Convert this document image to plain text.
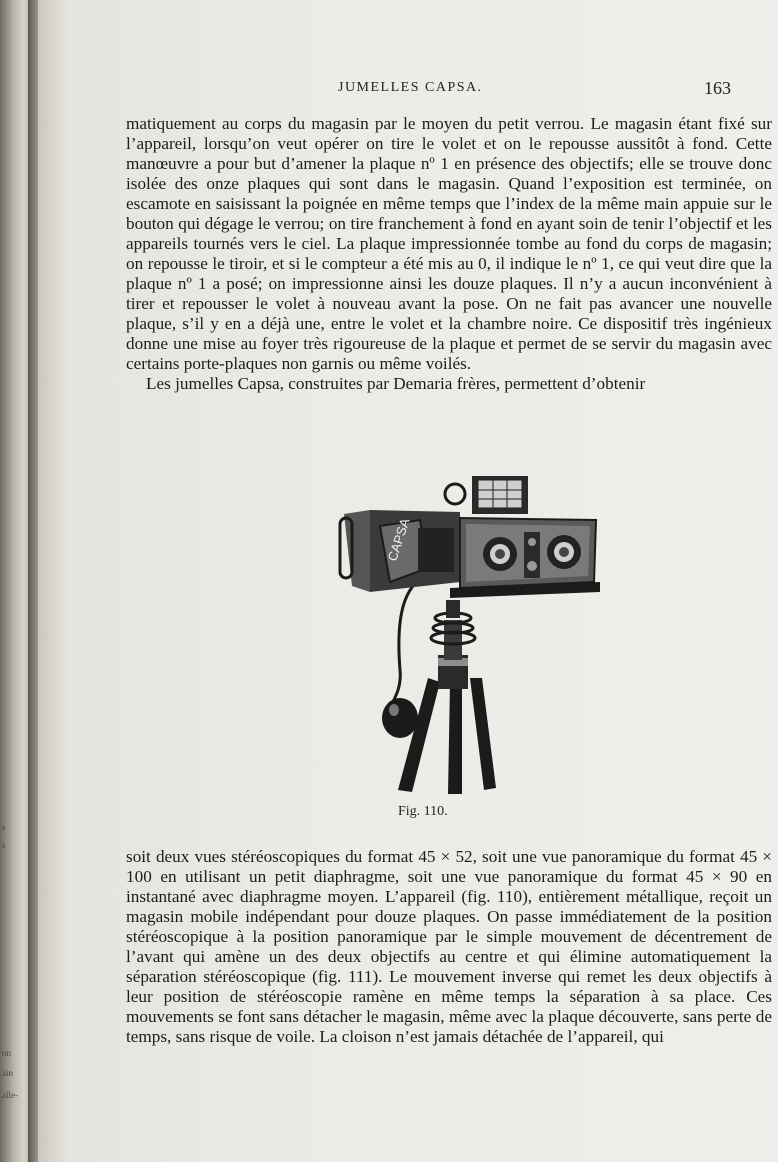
s
s
on
ain
alle-
JUMELLES CAPSA.	163

matiquement au corps du magasin par le moyen du petit verrou. Le magasin étant fixé sur l’appareil, lorsqu’on veut opérer on tire le volet et on le repousse aussitôt à fond. Cette manœuvre a pour but d’amener la plaque nº 1 en présence des objectifs; elle se trouve donc isolée des onze plaques qui sont dans le magasin. Quand l’exposition est terminée, on escamote en saisissant la poignée en même temps que l’index de la même main appuie sur le bouton qui dégage le verrou; on tire franchement à fond en ayant soin de tenir l’objectif et les appareils tournés vers le ciel. La plaque impressionnée tombe au fond du corps de magasin; on repousse le tiroir, et si le compteur a été mis au 0, il indique le nº 1, ce qui veut dire que la plaque nº 1 a posé; on impressionne ainsi les douze plaques. Il n’y a aucun inconvénient à tirer et repousser le volet à nouveau avant la pose. On ne fait pas avancer une nouvelle plaque, s’il y en a déjà une, entre le volet et la chambre noire. Ce dispositif très ingénieux donne une mise au foyer très rigoureuse de la plaque et permet de se servir du magasin avec certains porte-plaques non garnis ou même voilés.

Les jumelles Capsa, construites par Demaria frères, permettent d’obtenir

CAPSA
Fig. 110.

soit deux vues stéréoscopiques du format 45 × 52, soit une vue panoramique du format 45 × 100 en utilisant un petit diaphragme, soit une vue panoramique du format 45 × 90 en instantané avec diaphragme moyen. L’appareil (fig. 110), entièrement métallique, reçoit un magasin mobile indépendant pour douze plaques. On passe immédiatement de la position stéréoscopique à la position panoramique par le simple mouvement de décentrement de l’avant qui amène un des deux objectifs au centre et qui élimine automatiquement la séparation stéréoscopique (fig. 111). Le mouvement inverse qui remet les deux objectifs à leur position de stéréoscopie ramène en même temps la séparation à sa place. Ces mouvements se font sans détacher le magasin, même avec la plaque découverte, sans perte de temps, sans risque de voile. La cloison n’est jamais détachée de l’appareil, qui
